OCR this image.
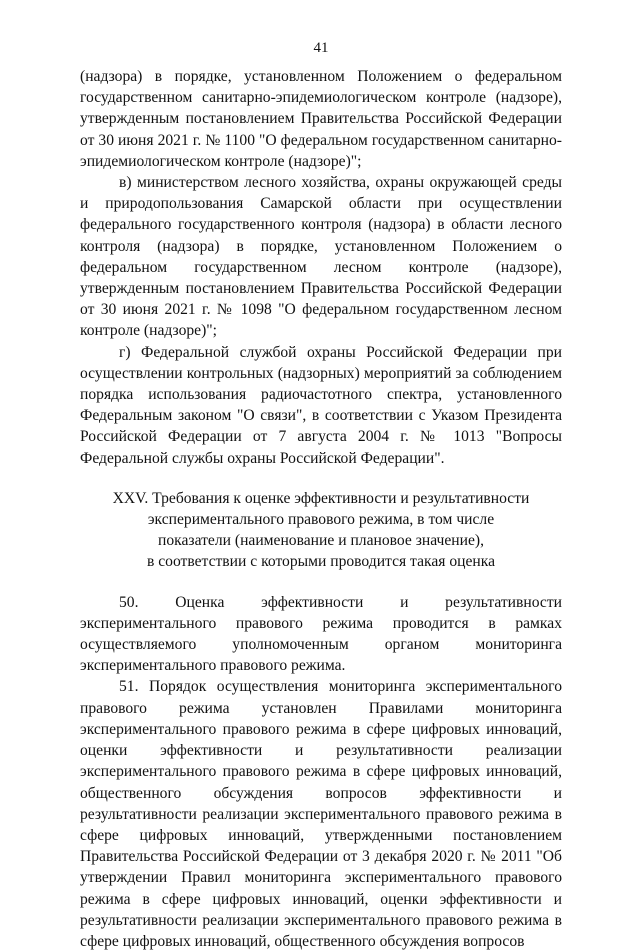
41

(надзора) в порядке, установленном Положением о федеральном государственном санитарно-эпидемиологическом контроле (надзоре), утвержденным постановлением Правительства Российской Федерации от 30 июня 2021 г. № 1100 "О федеральном государственном санитарно-эпидемиологическом контроле (надзоре)";

в) министерством лесного хозяйства, охраны окружающей среды и природопользования Самарской области при осуществлении федерального государственного контроля (надзора) в области лесного контроля (надзора) в порядке, установленном Положением о федеральном государственном лесном контроле (надзоре), утвержденным постановлением Правительства Российской Федерации от 30 июня 2021 г. № 1098 "О федеральном государственном лесном контроле (надзоре)";

г) Федеральной службой охраны Российской Федерации при осуществлении контрольных (надзорных) мероприятий за соблюдением порядка использования радиочастотного спектра, установленного Федеральным законом "О связи", в соответствии с Указом Президента Российской Федерации от 7 августа 2004 г. № 1013 "Вопросы Федеральной службы охраны Российской Федерации".

XXV. Требования к оценке эффективности и результативности
экспериментального правового режима, в том числе
показатели (наименование и плановое значение),
в соответствии с которыми проводится такая оценка

50. Оценка эффективности и результативности экспериментального правового режима проводится в рамках осуществляемого уполномоченным органом мониторинга экспериментального правового режима.

51. Порядок осуществления мониторинга экспериментального правового режима установлен Правилами мониторинга экспериментального правового режима в сфере цифровых инноваций, оценки эффективности и результативности реализации экспериментального правового режима в сфере цифровых инноваций, общественного обсуждения вопросов эффективности и результативности реализации экспериментального правового режима в сфере цифровых инноваций, утвержденными постановлением Правительства Российской Федерации от 3 декабря 2020 г. № 2011 "Об утверждении Правил мониторинга экспериментального правового режима в сфере цифровых инноваций, оценки эффективности и результативности реализации экспериментального правового режима в сфере цифровых инноваций, общественного обсуждения вопросов
